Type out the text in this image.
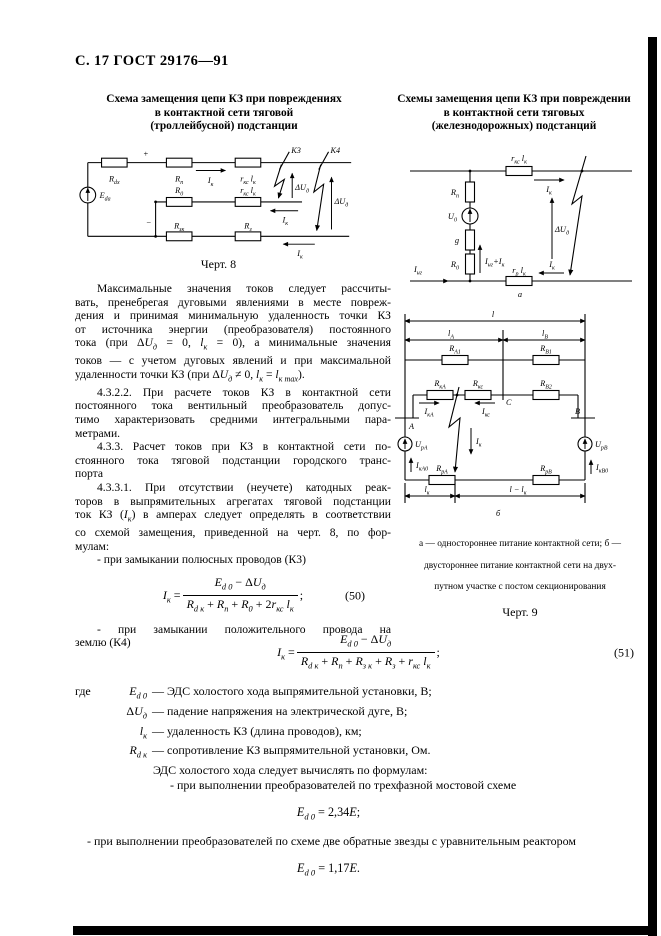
С. 17 ГОСТ 29176—91
Схема замещения цепи КЗ при повреждениях
в контактной сети тяговой
(троллейбусной) подстанции
Схемы замещения цепи КЗ при повреждении
в контактной сети тяговых
(железнодорожных) подстанций
$E_{da}$
$R_{dx}$
+
−
$R_п$	$I_к$
$r_{кс}$ $l_к$
К3	К4
$\Delta U_д$
$\Delta U_д$
$R_0$	$r_{кс}$ $l_к$
$I_к$
$R_{зк}$	$R_з$
$I_к$
Черт. 8
$r_{кс}$ $l_к$
$I_к$
$R_п$
$U_0$
g
$R_0$
$I_{нг}+I_к$
$I_{нг}$	$r_р$ $l_к$
$I_к$
$\Delta U_д$
а
l
$l_A$	$l_B$
$R_{А1}$	$R_{В1}$
$R_{кА}$	$R_{кс}$	$R_{В2}$
$I_{кА}$	$I_{кс}$
C
А
В
$U_{рА}$	$U_{рВ}$
$I_к$
$I_{кА0}$	$I_{кВ0}$
$R_{рА}$	$R_{рВ}$
$l_к$	$l - l_к$
б
а — одностороннее питание контактной сети; б —
двустороннее питание контактной сети на двух-
путном участке с постом секционирования
Черт. 9
Максимальные значения токов следует рассчиты-
вать, пренебрегая дуговыми явлениями в месте повреж-
дения и принимая минимальную удаленность точки КЗ
от источника энергии (преобразователя) постоянного
тока (при $\Delta U_д = 0$, $l_к = 0$), а минимальные значения
токов — с учетом дуговых явлений и при максимальной
удаленности точки КЗ (при $\Delta U_д \ne 0$, $l_к = l_{к max}$).
4.3.2.2. При расчете токов КЗ в контактной сети
постоянного тока вентильный преобразователь допус-
тимо характеризовать средними интегральными пара-
метрами.
4.3.3. Расчет токов при КЗ в контактной сети по-
стоянного тока тяговой подстанции городского транс-
порта
4.3.3.1. При отсутствии (неучете) катодных реак-
торов в выпрямительных агрегатах тяговой подстанции
ток КЗ $(I_к)$ в амперах следует определять в соответствии
со схемой замещения, приведенной на черт. 8, по фор-
мулам:
- при замыкании полюсных проводов (К3)
$I_к = \frac{E_{d 0} - \Delta U_д}{R_{d к} + R_п + R_0 + 2r_{кс} l_к}$ ;	(50)
- при замыкании положительного провода на
землю (К4)
$I_к = \frac{E_{d 0} - \Delta U_д}{R_{d к} + R_п + R_{з к} + R_з + r_{кс} l_к}$ ;	(51)
где	$E_{d 0}$ — ЭДС холостого хода выпрямительной установки, В;
$\Delta U_д$ — падение напряжения на электрической дуге, В;
$l_к$ — удаленность КЗ (длина проводов), км;
$R_{d к}$ — сопротивление КЗ выпрямительной установки, Ом.

ЭДС холостого хода следует вычислять по формулам:

- при выполнении преобразователей по трехфазной мостовой схеме

$E_{d 0} = 2,34E$;

- при выполнении преобразователей по схеме две обратные звезды с уравнительным реактором

$E_{d 0} = 1,17E$.
